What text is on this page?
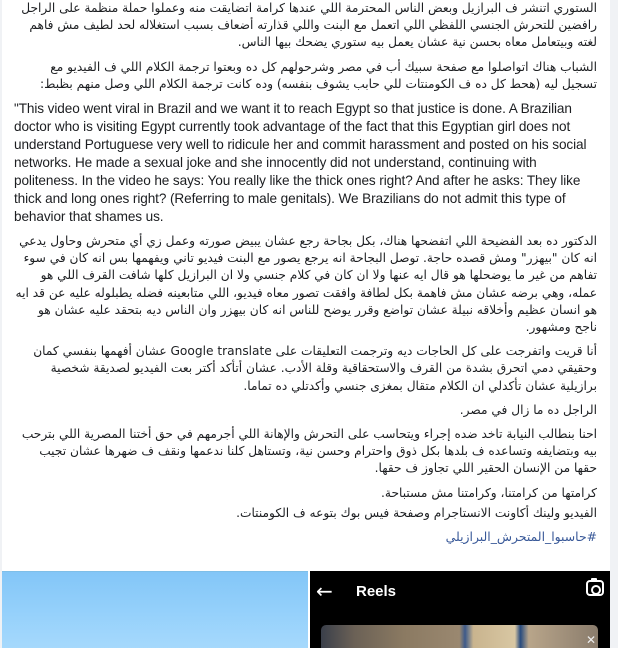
الستوري اتنشر ف البرازيل وبعض الناس المحترمة اللي عندها كرامة اتضايقت منه وعملوا حملة منظمة على الراجل رافضين للتحرش الجنسي اللفظي اللي اتعمل مع البنت واللي قذارته أضعاف بسبب استغلاله لحد لطيف مش فاهم لغته وبيتعامل معاه بحسن نية عشان يعمل بيه ستوري يضحك بيها الناس.

الشباب هناك اتواصلوا مع صفحة سبيك أب في مصر وشرحولهم كل ده وبعتوا ترجمة الكلام اللي ف الفيديو مع تسجيل ليه (هحط كل ده ف الكومنتات للي حابب يشوف بنفسه) وده كانت ترجمة الكلام اللي وصل منهم بظبط:

"This video went viral in Brazil and we want it to reach Egypt so that justice is done. A Brazilian doctor who is visiting Egypt currently took advantage of the fact that this Egyptian girl does not understand Portuguese very well to ridicule her and commit harassment and posted on his social networks. He made a sexual joke and she innocently did not understand, continuing with politeness. In the video he says: You really like the thick ones right? And after he asks: They like thick and long ones right? (Referring to male genitals). We Brazilians do not admit this type of behavior that shames us.

الدكتور ده بعد الفضيحة اللي اتفضحها هناك، بكل بجاحة رجع عشان يبيض صورته وعمل زي أي متحرش وحاول يدعي انه كان "بيهزر" ومش قصده حاجة. توصل البجاحة انه يرجع يصور مع البنت فيديو تاني ويفهمها بس انه كان في سوء تفاهم من غير ما يوضحلها هو قال ايه عنها ولا ان كان في كلام جنسي ولا ان البرازيل كلها شافت القرف اللي هو عمله، وهي برضه عشان مش فاهمة بكل لطافة وافقت تصور معاه فيديو، اللي متابعينه فضله يطبلوله عليه عن قد ايه هو انسان عظيم وأخلاقه نبيلة عشان تواضع وقرر يوضح للناس انه كان بيهزر وان الناس ديه بتحقد عليه عشان هو ناجح ومشهور.

أنا قريت واتفرجت على كل الحاجات ديه وترجمت التعليقات على Google translate عشان أفهمها بنفسي كمان وحقيقي دمي اتحرق بشدة من القرف والاستحقاقية وقلة الأدب. عشان أتأكد أكتر بعت الفيديو لصديقة شخصية برازيلية عشان تأكدلي ان الكلام متقال بمغزى جنسي وأكدتلي ده تماما.

الراجل ده ما زال في مصر.

احنا بنطالب النيابة تاخد ضده إجراء ويتحاسب على التحرش والإهانة اللي أجرمهم في حق أختنا المصرية اللي بترحب بيه وبتضايفه وتساعده ف بلدها بكل ذوق واحترام وحسن نية، وتستاهل كلنا ندعمها ونقف ف ضهرها عشان تجيب حقها من الإنسان الحقير اللي تجاوز ف حقها.

كرامتها من كرامتنا، وكرامتنا مش مستباحة.

الفيديو ولينك أكاونت الانستاجرام وصفحة فيس بوك بتوعه ف الكومنتات.

#حاسبوا_المتحرش_البرازيلي
← Reels
✕
